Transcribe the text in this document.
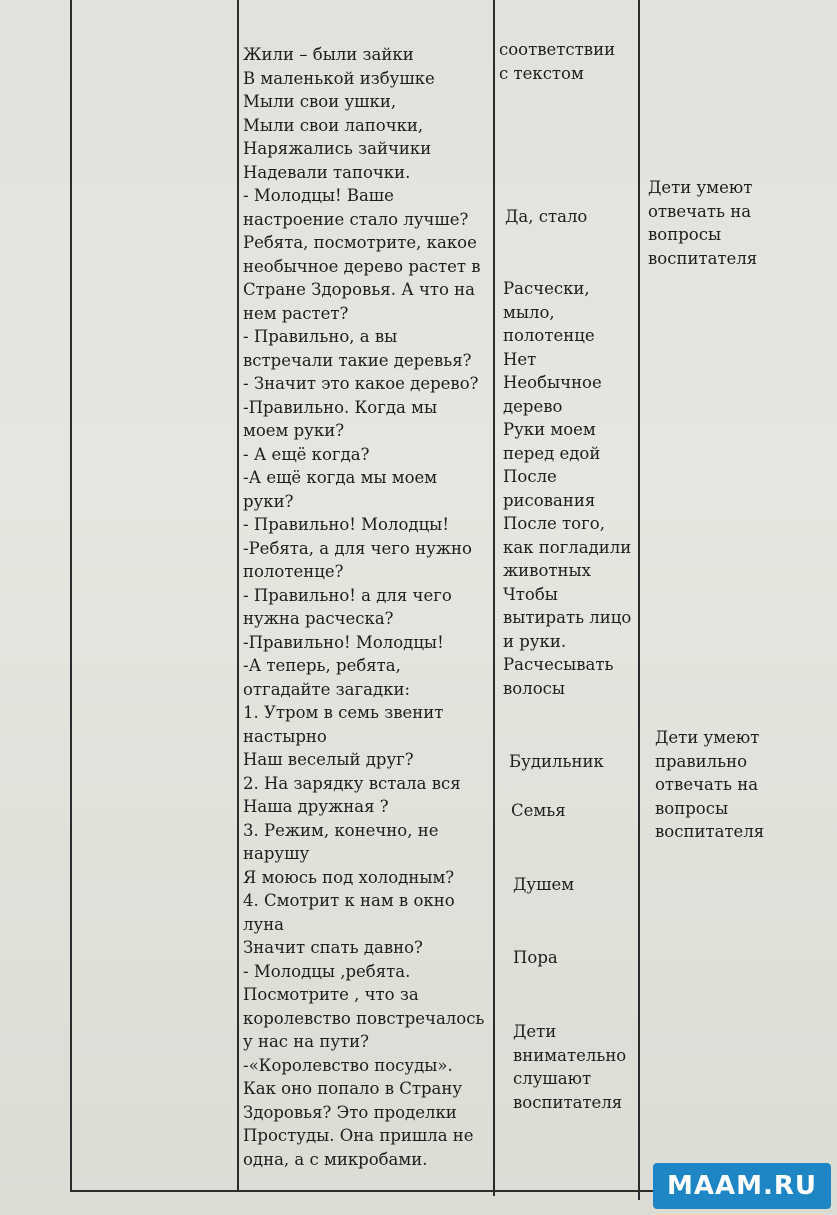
Жили – были зайки
В маленькой избушке
Мыли свои ушки,
Мыли свои лапочки,
Наряжались зайчики
Надевали тапочки.
- Молодцы! Ваше
настроение стало лучше?
Ребята, посмотрите, какое
необычное дерево растет в
Стране Здоровья. А что на
нем растет?
- Правильно, а вы
встречали такие деревья?
- Значит это какое дерево?
-Правильно. Когда мы
моем руки?
- А ещё когда?
-А ещё когда мы моем
руки?
- Правильно! Молодцы!
-Ребята, а для чего нужно
полотенце?
- Правильно! а для чего
нужна расческа?
-Правильно! Молодцы!
-А теперь, ребята,
отгадайте загадки:
1. Утром в семь звенит
настырно
Наш веселый друг?
2. На зарядку встала вся
Наша дружная ?
3. Режим, конечно, не
нарушу
Я моюсь под холодным?
4. Смотрит к нам в окно
луна
Значит спать давно?
- Молодцы ,ребята.
Посмотрите , что за
королевство повстречалось
у нас на пути?
-«Королевство посуды».
Как оно попало в Страну
Здоровья? Это проделки
Простуды. Она пришла не
одна, а с микробами.
соответствии
с текстом
Да, стало
Расчески,
мыло,
полотенце
Нет
Необычное
дерево
Руки моем
перед едой
После
рисования
После того,
как погладили
животных
Чтобы
вытирать лицо
и руки.
Расчесывать
волосы
Будильник
Семья
Душем
Пора
Дети
внимательно
слушают
воспитателя
Дети умеют
отвечать на
вопросы
воспитателя
Дети умеют
правильно
отвечать на
вопросы
воспитателя
MAAM.RU
